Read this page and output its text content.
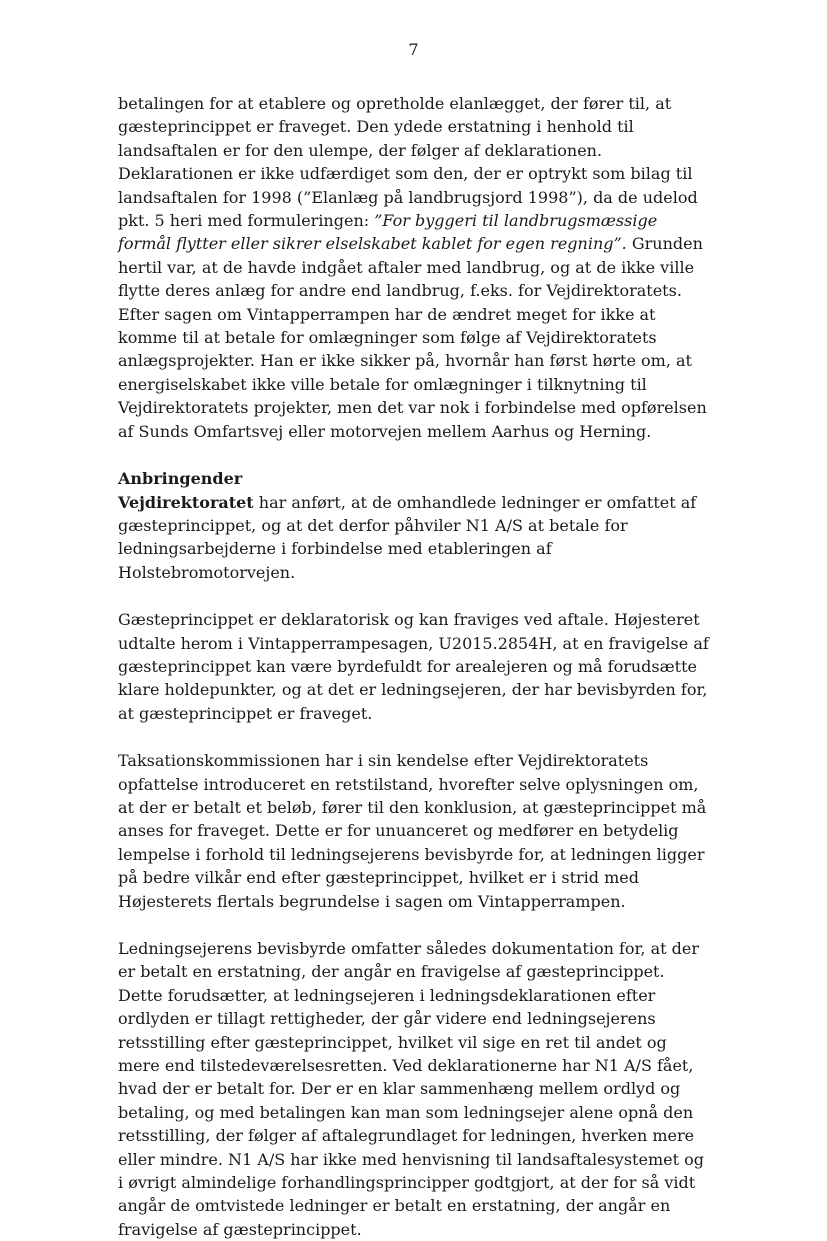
7

betalingen for at etablere og opretholde elanlægget, der fører til, at gæsteprincippet er fraveget. Den ydede erstatning i henhold til landsaftalen er for den ulempe, der følger af deklarationen. Deklarationen er ikke udfærdiget som den, der er optrykt som bilag til landsaftalen for 1998 (”Elanlæg på landbrugsjord 1998”), da de udelod pkt. 5 heri med formuleringen: ”For byggeri til landbrugsmæssige formål flytter eller sikrer elselskabet kablet for egen regning”. Grunden hertil var, at de havde indgået aftaler med landbrug, og at de ikke ville flytte deres anlæg for andre end landbrug, f.eks. for Vejdirektoratets. Efter sagen om Vintapperrampen har de ændret meget for ikke at komme til at betale for omlægninger som følge af Vejdirektoratets anlægsprojekter. Han er ikke sikker på, hvornår han først hørte om, at energiselskabet ikke ville betale for omlægninger i tilknytning til Vejdirektoratets projekter, men det var nok i forbindelse med opførelsen af Sunds Omfartsvej eller motorvejen mellem Aarhus og Herning.

Anbringender

Vejdirektoratet har anført, at de omhandlede ledninger er omfattet af gæsteprincippet, og at det derfor påhviler N1 A/S at betale for ledningsarbejderne i forbindelse med etableringen af Holstebromotorvejen.

Gæsteprincippet er deklaratorisk og kan fraviges ved aftale. Højesteret udtalte herom i Vintapperrampesagen, U2015.2854H, at en fravigelse af gæsteprincippet kan være byrdefuldt for arealejeren og må forudsætte klare holdepunkter, og at det er ledningsejeren, der har bevisbyrden for, at gæsteprincippet er fraveget.

Taksationskommissionen har i sin kendelse efter Vejdirektoratets opfattelse introduceret en retstilstand, hvorefter selve oplysningen om, at der er betalt et beløb, fører til den konklusion, at gæsteprincippet må anses for fraveget. Dette er for unuanceret og medfører en betydelig lempelse i forhold til ledningsejerens bevisbyrde for, at ledningen ligger på bedre vilkår end efter gæsteprincippet, hvilket er i strid med Højesterets flertals begrundelse i sagen om Vintapperrampen.

Ledningsejerens bevisbyrde omfatter således dokumentation for, at der er betalt en erstatning, der angår en fravigelse af gæsteprincippet. Dette forudsætter, at ledningsejeren i ledningsdeklarationen efter ordlyden er tillagt rettigheder, der går videre end ledningsejerens retsstilling efter gæsteprincippet, hvilket vil sige en ret til andet og mere end tilstedeværelsesretten. Ved deklarationerne har N1 A/S fået, hvad der er betalt for. Der er en klar sammenhæng mellem ordlyd og betaling, og med betalingen kan man som ledningsejer alene opnå den retsstilling, der følger af aftalegrundlaget for ledningen, hverken mere eller mindre. N1 A/S har ikke med henvisning til landsaftalesystemet og i øvrigt almindelige forhandlingsprincipper godtgjort, at der for så vidt angår de omtvistede ledninger er betalt en erstatning, der angår en fravigelse af gæsteprincippet.
